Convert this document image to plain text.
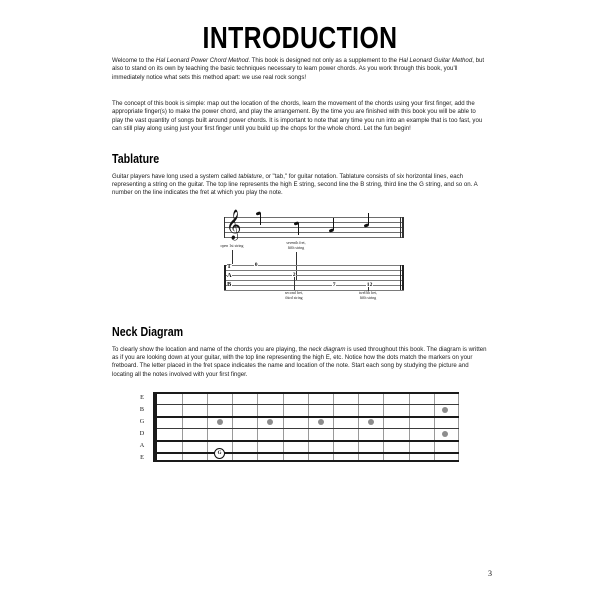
INTRODUCTION

Welcome to the Hal Leonard Power Chord Method. This book is designed not only as a supplement to the Hal Leonard Guitar Method, but also to stand on its own by teaching the basic techniques necessary to learn power chords. As you work through this book, you'll immediately notice what sets this method apart: we use real rock songs!

The concept of this book is simple: map out the location of the chords, learn the movement of the chords using your first finger, add the appropriate finger(s) to make the power chord, and play the arrangement. By the time you are finished with this book you will be able to play the vast quantity of songs built around power chords. It is important to note that any time you run into an example that is too fast, you can still play along using just your first finger until you build up the chops for the whole chord. Let the fun begin!

Tablature

Guitar players have long used a system called tablature, or "tab," for guitar notation. Tablature consists of six horizontal lines, each representing a string on the guitar. The top line represents the high E string, second line the B string, third line the G string, and so on. A number on the line indicates the fret at which you play the note.

𝄞
open 1st string
seventh fret,
fifth string
T
A
B
0
2
7	12
second fret,
third string
twelfth fret,
fifth string
Neck Diagram

To clearly show the location and name of the chords you are playing, the neck diagram is used throughout this book. The diagram is written as if you are looking down at your guitar, with the top line representing the high E, etc. Notice how the dots match the markers on your fretboard. The letter placed in the fret space indicates the name and location of the note. Start each song by studying the picture and locating all the notes involved with your first finger.

E
B
G
D
A
E
G
3
